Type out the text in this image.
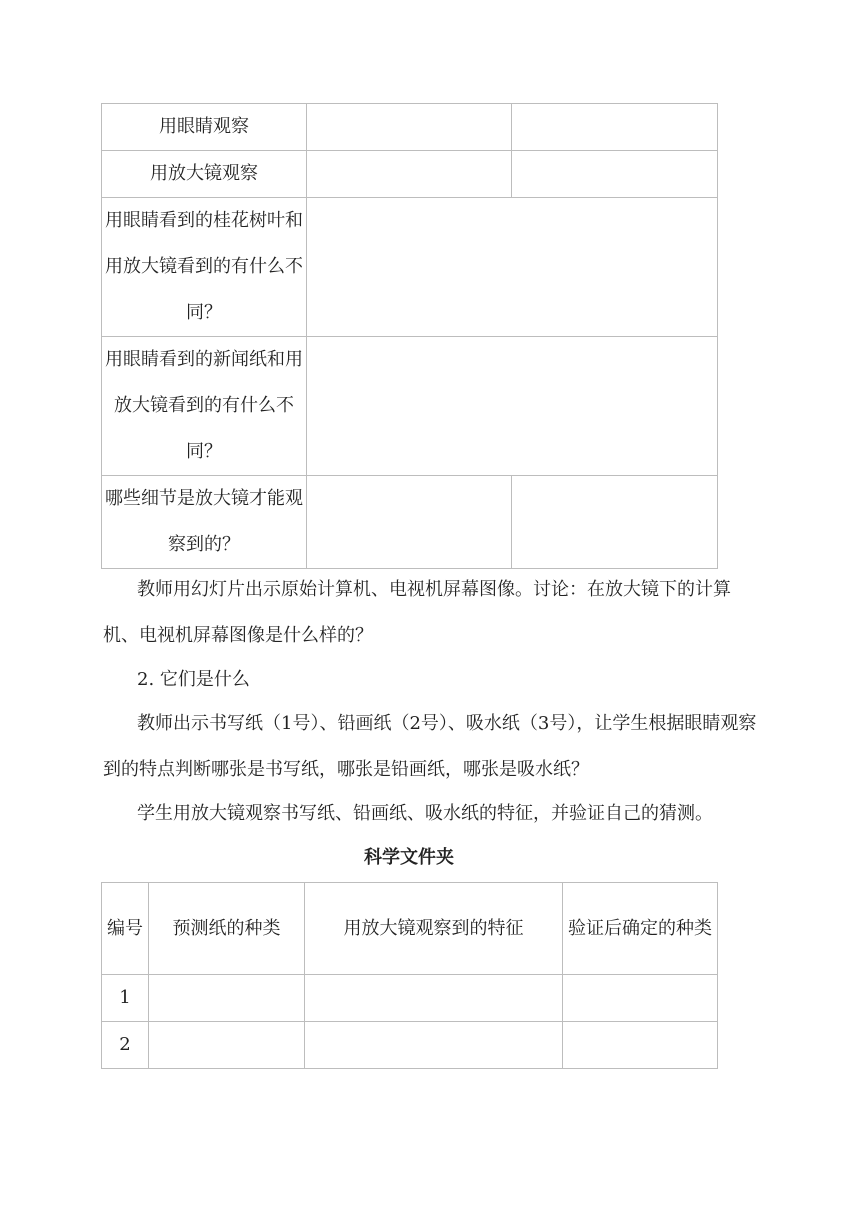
用眼睛观察		
用放大镜观察		
用眼睛看到的桂花树叶和用放大镜看到的有什么不同？		
用眼睛看到的新闻纸和用放大镜看到的有什么不同？		
哪些细节是放大镜才能观察到的？		

教师用幻灯片出示原始计算机、电视机屏幕图像。讨论：在放大镜下的计算机、电视机屏幕图像是什么样的？

2. 它们是什么

教师出示书写纸（1号）、铅画纸（2号）、吸水纸（3号），让学生根据眼睛观察到的特点判断哪张是书写纸，哪张是铅画纸，哪张是吸水纸？

学生用放大镜观察书写纸、铅画纸、吸水纸的特征，并验证自己的猜测。

科学文件夹
编号	预测纸的种类	用放大镜观察到的特征	验证后确定的种类
1			
2			
